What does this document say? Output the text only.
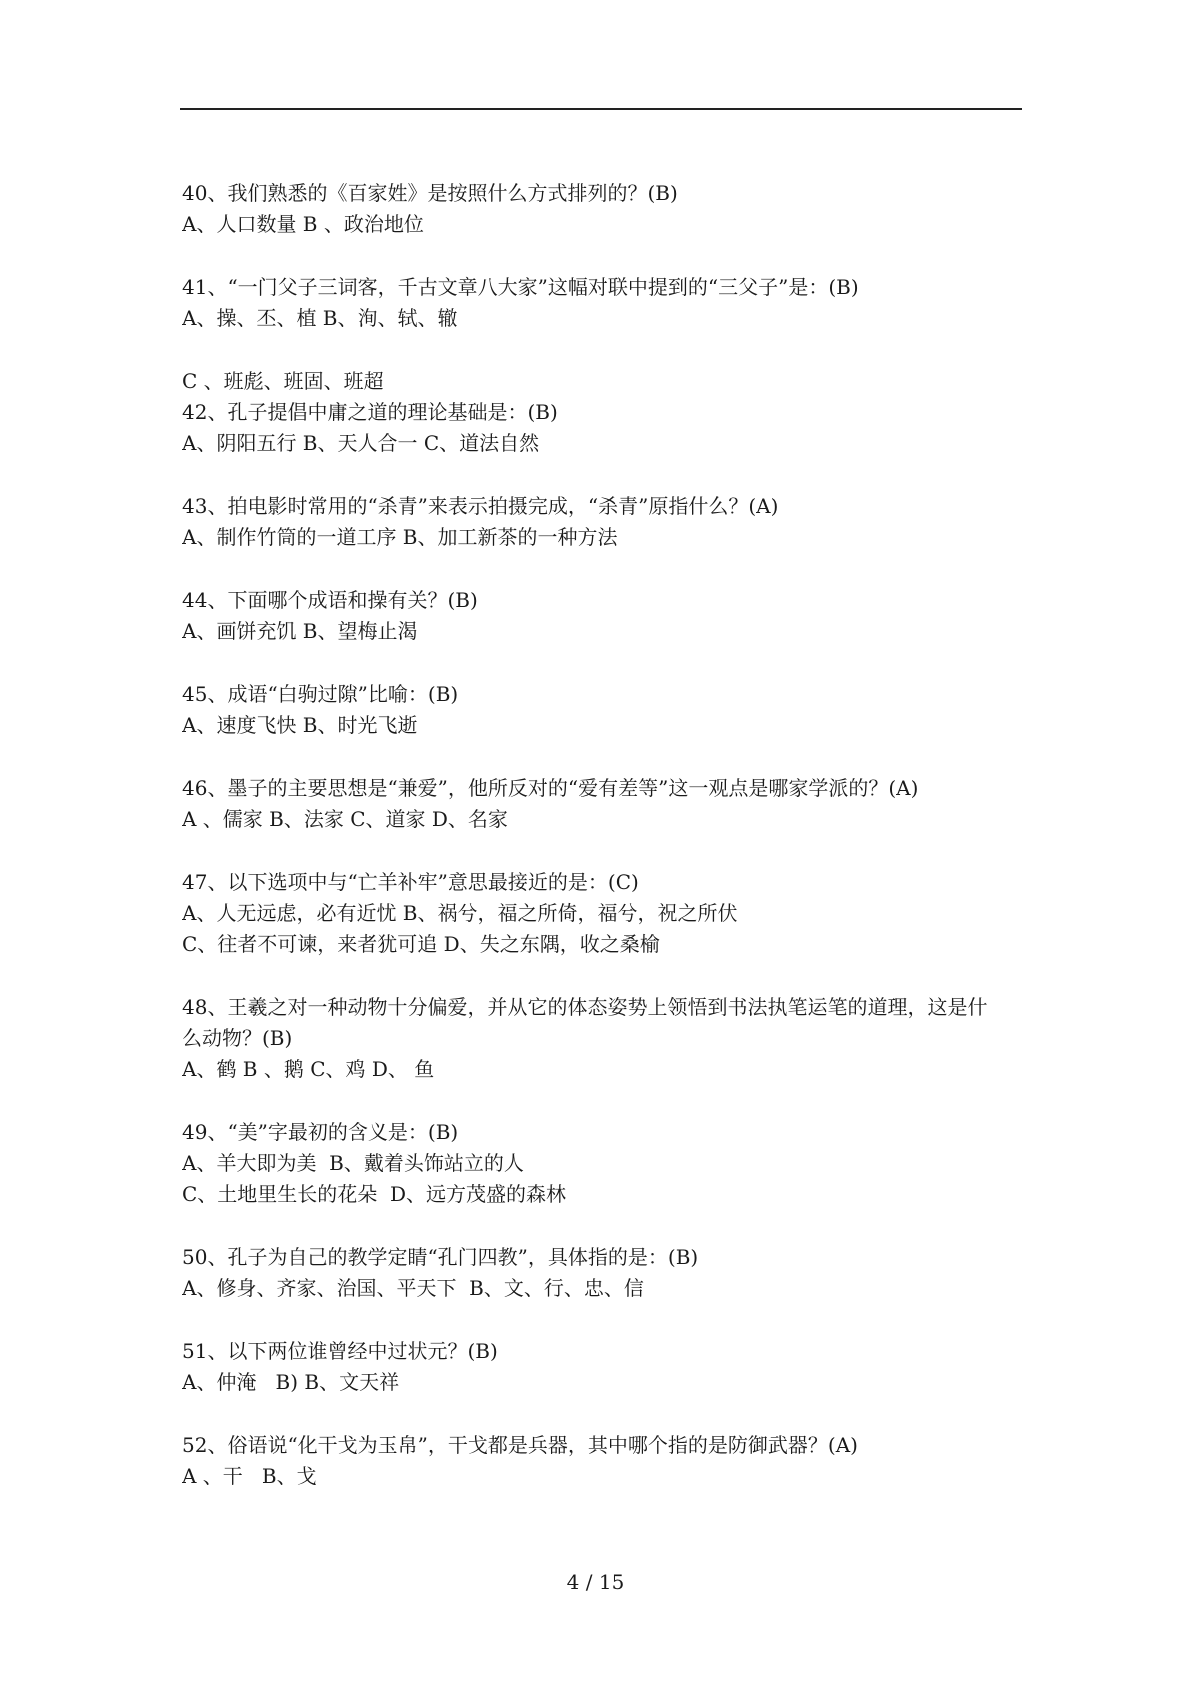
40、我们熟悉的《百家姓》是按照什么方式排列的？(B)
A、人口数量 B 、政治地位
41、“一门父子三词客，千古文章八大家”这幅对联中提到的“三父子”是：(B)
A、操、丕、植 B、洵、轼、辙
C 、班彪、班固、班超
42、孔子提倡中庸之道的理论基础是：(B)
A、阴阳五行 B、天人合一 C、道法自然
43、拍电影时常用的“杀青”来表示拍摄完成，“杀青”原指什么？(A)
A、制作竹筒的一道工序 B、加工新茶的一种方法
44、下面哪个成语和操有关？(B)
A、画饼充饥 B、望梅止渴
45、成语“白驹过隙”比喻：(B)
A、速度飞快 B、时光飞逝
46、墨子的主要思想是“兼爱”，他所反对的“爱有差等”这一观点是哪家学派的？(A)
A 、儒家 B、法家 C、道家 D、名家
47、以下选项中与“亡羊补牢”意思最接近的是：(C)
A、人无远虑，必有近忧 B、祸兮，福之所倚，福兮，祝之所伏
C、往者不可谏，来者犹可追 D、失之东隅，收之桑榆
48、王羲之对一种动物十分偏爱，并从它的体态姿势上领悟到书法执笔运笔的道理，这是什
么动物？(B)
A、鹤 B 、鹅 C、鸡 D、 鱼
49、“美”字最初的含义是：(B)
A、羊大即为美  B、戴着头饰站立的人
C、土地里生长的花朵  D、远方茂盛的森林
50、孔子为自己的教学定睛“孔门四教”，具体指的是：(B)
A、修身、齐家、治国、平天下  B、文、行、忠、信
51、以下两位谁曾经中过状元？(B)
A、仲淹   B) B、文天祥
52、俗语说“化干戈为玉帛”，干戈都是兵器，其中哪个指的是防御武器？(A)
A 、干   B、戈
4 / 15
